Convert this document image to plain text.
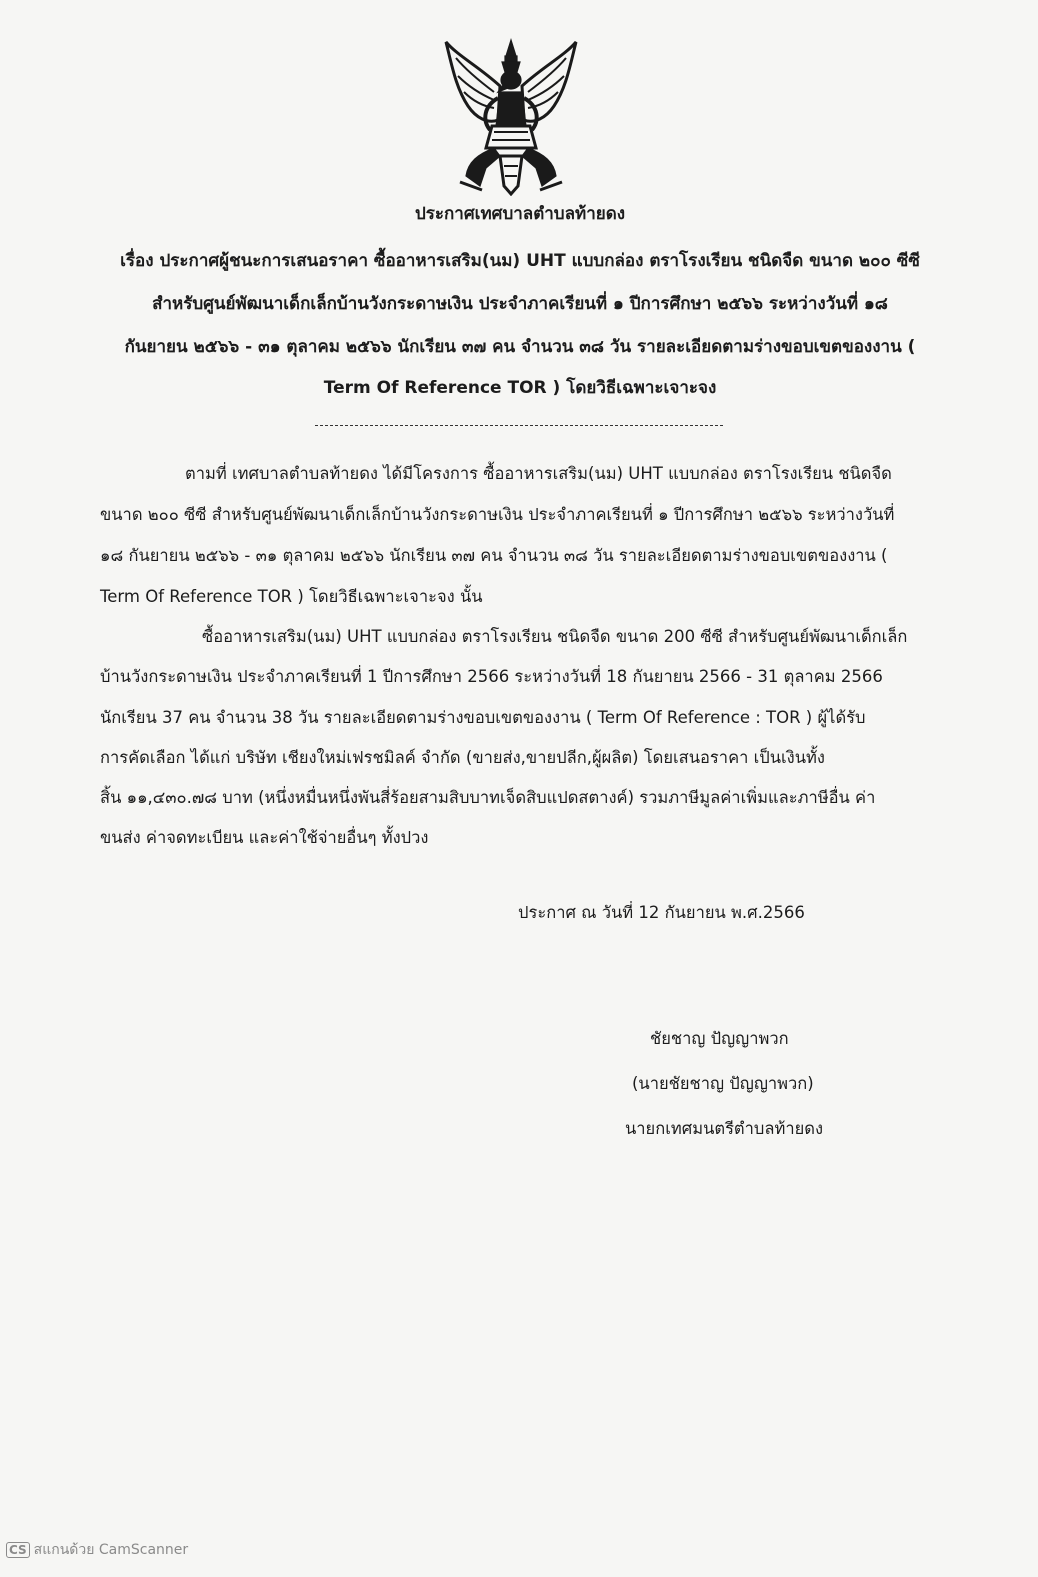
ประกาศเทศบาลตำบลท้ายดง
เรื่อง ประกาศผู้ชนะการเสนอราคา ซื้ออาหารเสริม(นม) UHT แบบกล่อง ตราโรงเรียน ชนิดจืด ขนาด ๒๐๐ ซีซี
สำหรับศูนย์พัฒนาเด็กเล็กบ้านวังกระดาษเงิน ประจำภาคเรียนที่ ๑ ปีการศึกษา ๒๕๖๖ ระหว่างวันที่ ๑๘
กันยายน ๒๕๖๖ - ๓๑ ตุลาคม ๒๕๖๖ นักเรียน ๓๗ คน จำนวน ๓๘ วัน รายละเอียดตามร่างขอบเขตของงาน (
Term Of Reference TOR ) โดยวิธีเฉพาะเจาะจง
ตามที่ เทศบาลตำบลท้ายดง ได้มีโครงการ ซื้ออาหารเสริม(นม) UHT แบบกล่อง ตราโรงเรียน ชนิดจืด
ขนาด ๒๐๐ ซีซี สำหรับศูนย์พัฒนาเด็กเล็กบ้านวังกระดาษเงิน ประจำภาคเรียนที่ ๑ ปีการศึกษา ๒๕๖๖ ระหว่างวันที่
๑๘ กันยายน ๒๕๖๖ - ๓๑ ตุลาคม ๒๕๖๖ นักเรียน ๓๗ คน จำนวน ๓๘ วัน รายละเอียดตามร่างขอบเขตของงาน (
Term Of Reference TOR ) โดยวิธีเฉพาะเจาะจง นั้น
ซื้ออาหารเสริม(นม) UHT แบบกล่อง ตราโรงเรียน ชนิดจืด ขนาด 200 ซีซี สำหรับศูนย์พัฒนาเด็กเล็ก
บ้านวังกระดาษเงิน ประจำภาคเรียนที่ 1 ปีการศึกษา 2566 ระหว่างวันที่ 18 กันยายน 2566 - 31 ตุลาคม 2566
นักเรียน 37 คน จำนวน 38 วัน รายละเอียดตามร่างขอบเขตของงาน ( Term Of Reference : TOR ) ผู้ได้รับ
การคัดเลือก ได้แก่ บริษัท เชียงใหม่เฟรชมิลค์ จำกัด (ขายส่ง,ขายปลีก,ผู้ผลิต) โดยเสนอราคา เป็นเงินทั้ง
สิ้น ๑๑,๔๓๐.๗๘ บาท (หนึ่งหมื่นหนึ่งพันสี่ร้อยสามสิบบาทเจ็ดสิบแปดสตางค์) รวมภาษีมูลค่าเพิ่มและภาษีอื่น ค่า
ขนส่ง ค่าจดทะเบียน และค่าใช้จ่ายอื่นๆ ทั้งปวง
ประกาศ ณ วันที่ 12 กันยายน พ.ศ.2566
ชัยชาญ ปัญญาพวก
(นายชัยชาญ ปัญญาพวก)
นายกเทศมนตรีตำบลท้ายดง
CS สแกนด้วย CamScanner
